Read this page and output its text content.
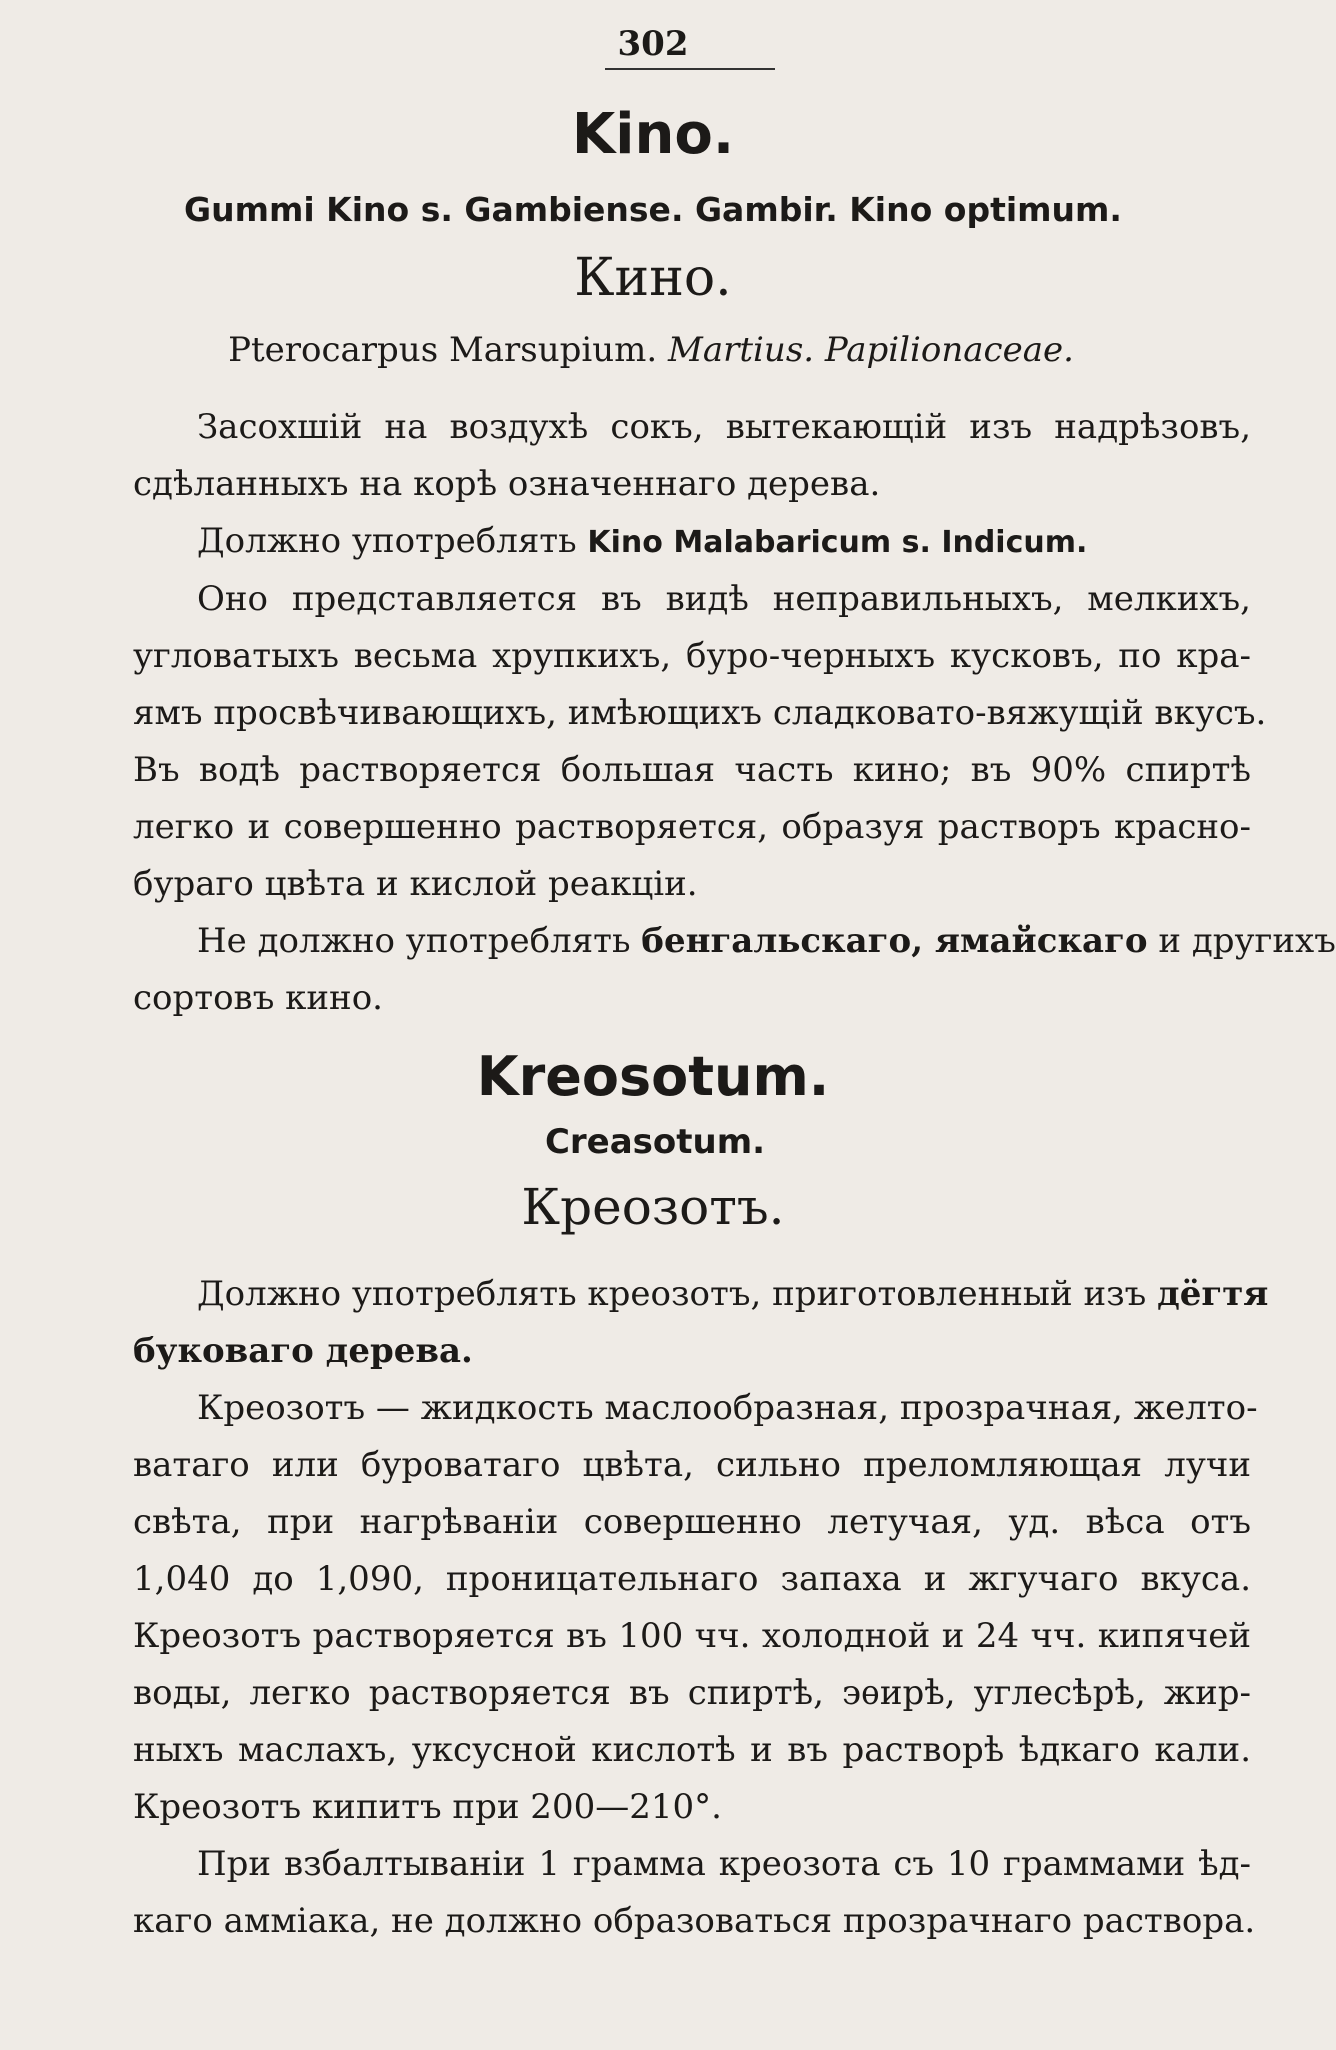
302
Kino.
Gummi Kino s. Gambiense. Gambir. Kino optimum.
Кино.
Pterocarpus Marsupium. Martius. Papilionaceae.
Засохшій на воздухѣ сокъ, вытекающій изъ надрѣзовъ,
сдѣланныхъ на корѣ означеннаго дерева.
Должно употреблять Kino Malabaricum s. Indicum.
Оно представляется въ видѣ неправильныхъ, мелкихъ,
угловатыхъ весьма хрупкихъ, буро-черныхъ кусковъ, по кра-
ямъ просвѣчивающихъ, имѣющихъ сладковато-вяжущій вкусъ.
Въ водѣ растворяется большая часть кино; въ 90% спиртѣ
легко и совершенно растворяется, образуя растворъ красно-
бураго цвѣта и кислой реакціи.
Не должно употреблять бенгальскаго, ямайскаго и другихъ
сортовъ кино.
Kreosotum.
Creasotum.
Креозотъ.
Должно употреблять креозотъ, приготовленный изъ дёгтя
буковаго дерева.
Креозотъ — жидкость маслообразная, прозрачная, желто-
ватаго или буроватаго цвѣта, сильно преломляющая лучи
свѣта, при нагрѣваніи совершенно летучая, уд. вѣса отъ
1,040 до 1,090, проницательнаго запаха и жгучаго вкуса.
Креозотъ растворяется въ 100 чч. холодной и 24 чч. кипячей
воды, легко растворяется въ спиртѣ, эѳирѣ, углесѣрѣ, жир-
ныхъ маслахъ, уксусной кислотѣ и въ растворѣ ѣдкаго кали.
Креозотъ кипитъ при 200—210°.
При взбалтываніи 1 грамма креозота съ 10 граммами ѣд-
каго амміака, не должно образоваться прозрачнаго раствора.
